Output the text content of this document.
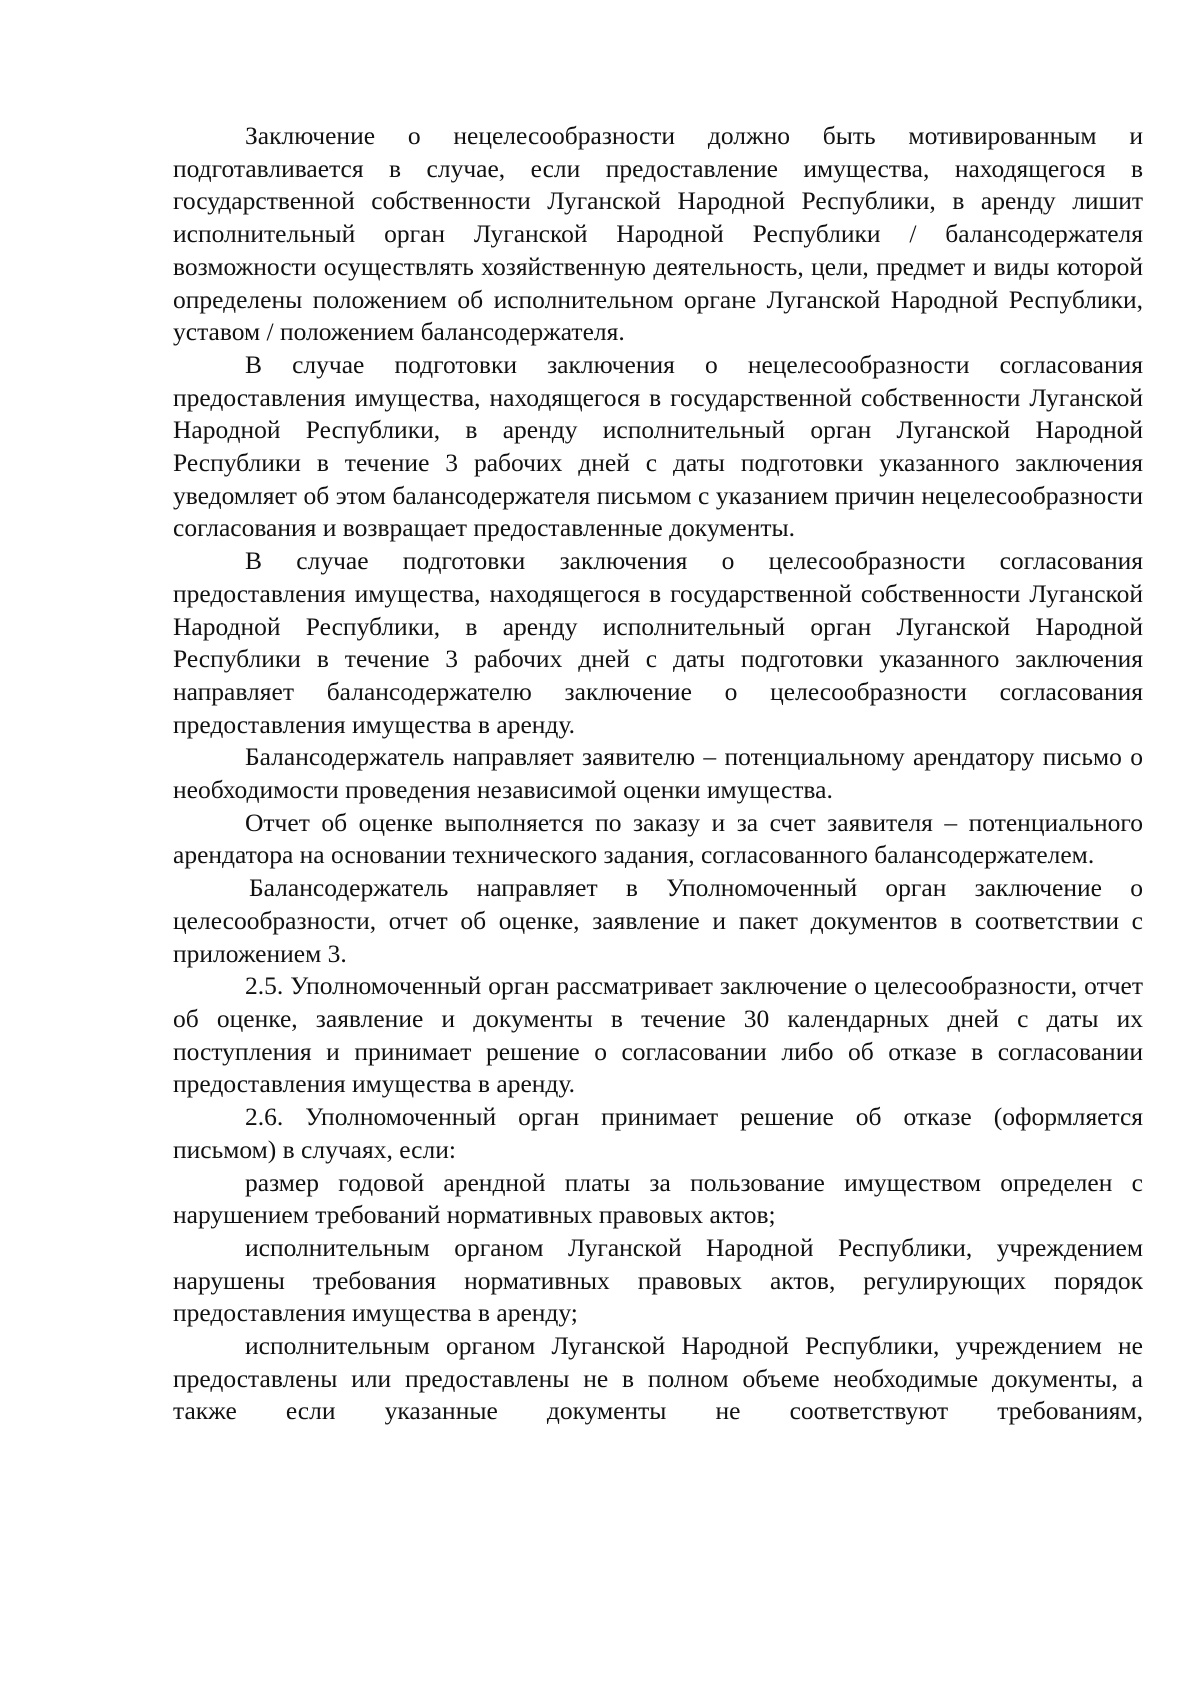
Заключение о нецелесообразности должно быть мотивированным и подготавливается в случае, если предоставление имущества, находящегося в государственной собственности Луганской Народной Республики, в аренду лишит исполнительный орган Луганской Народной Республики / балансодержателя возможности осуществлять хозяйственную деятельность, цели, предмет и виды которой определены положением об исполнительном органе Луганской Народной Республики, уставом / положением балансодержателя.

В случае подготовки заключения о нецелесообразности согласования предоставления имущества, находящегося в государственной собственности Луганской Народной Республики, в аренду исполнительный орган Луганской Народной Республики в течение 3 рабочих дней с даты подготовки указанного заключения уведомляет об этом балансодержателя письмом с указанием причин нецелесообразности согласования и возвращает предоставленные документы.

В случае подготовки заключения о целесообразности согласования предоставления имущества, находящегося в государственной собственности Луганской Народной Республики, в аренду исполнительный орган Луганской Народной Республики в течение 3 рабочих дней с даты подготовки указанного заключения направляет балансодержателю заключение о целесообразности согласования предоставления имущества в аренду.

Балансодержатель направляет заявителю – потенциальному арендатору письмо о необходимости проведения независимой оценки имущества.

Отчет об оценке выполняется по заказу и за счет заявителя – потенциального арендатора на основании технического задания, согласованного балансодержателем.

Балансодержатель направляет в Уполномоченный орган заключение о целесообразности, отчет об оценке, заявление и пакет документов в соответствии с приложением 3.

2.5. Уполномоченный орган рассматривает заключение о целесообразности, отчет об оценке, заявление и документы в течение 30 календарных дней с даты их поступления и принимает решение о согласовании либо об отказе в согласовании предоставления имущества в аренду.

2.6. Уполномоченный орган принимает решение об отказе (оформляется письмом) в случаях, если:

размер годовой арендной платы за пользование имуществом определен с нарушением требований нормативных правовых актов;

исполнительным органом Луганской Народной Республики, учреждением нарушены требования нормативных правовых актов, регулирующих порядок предоставления имущества в аренду;

исполнительным органом Луганской Народной Республики, учреждением не предоставлены или предоставлены не в полном объеме необходимые документы, а также если указанные документы не соответствуют требованиям,
